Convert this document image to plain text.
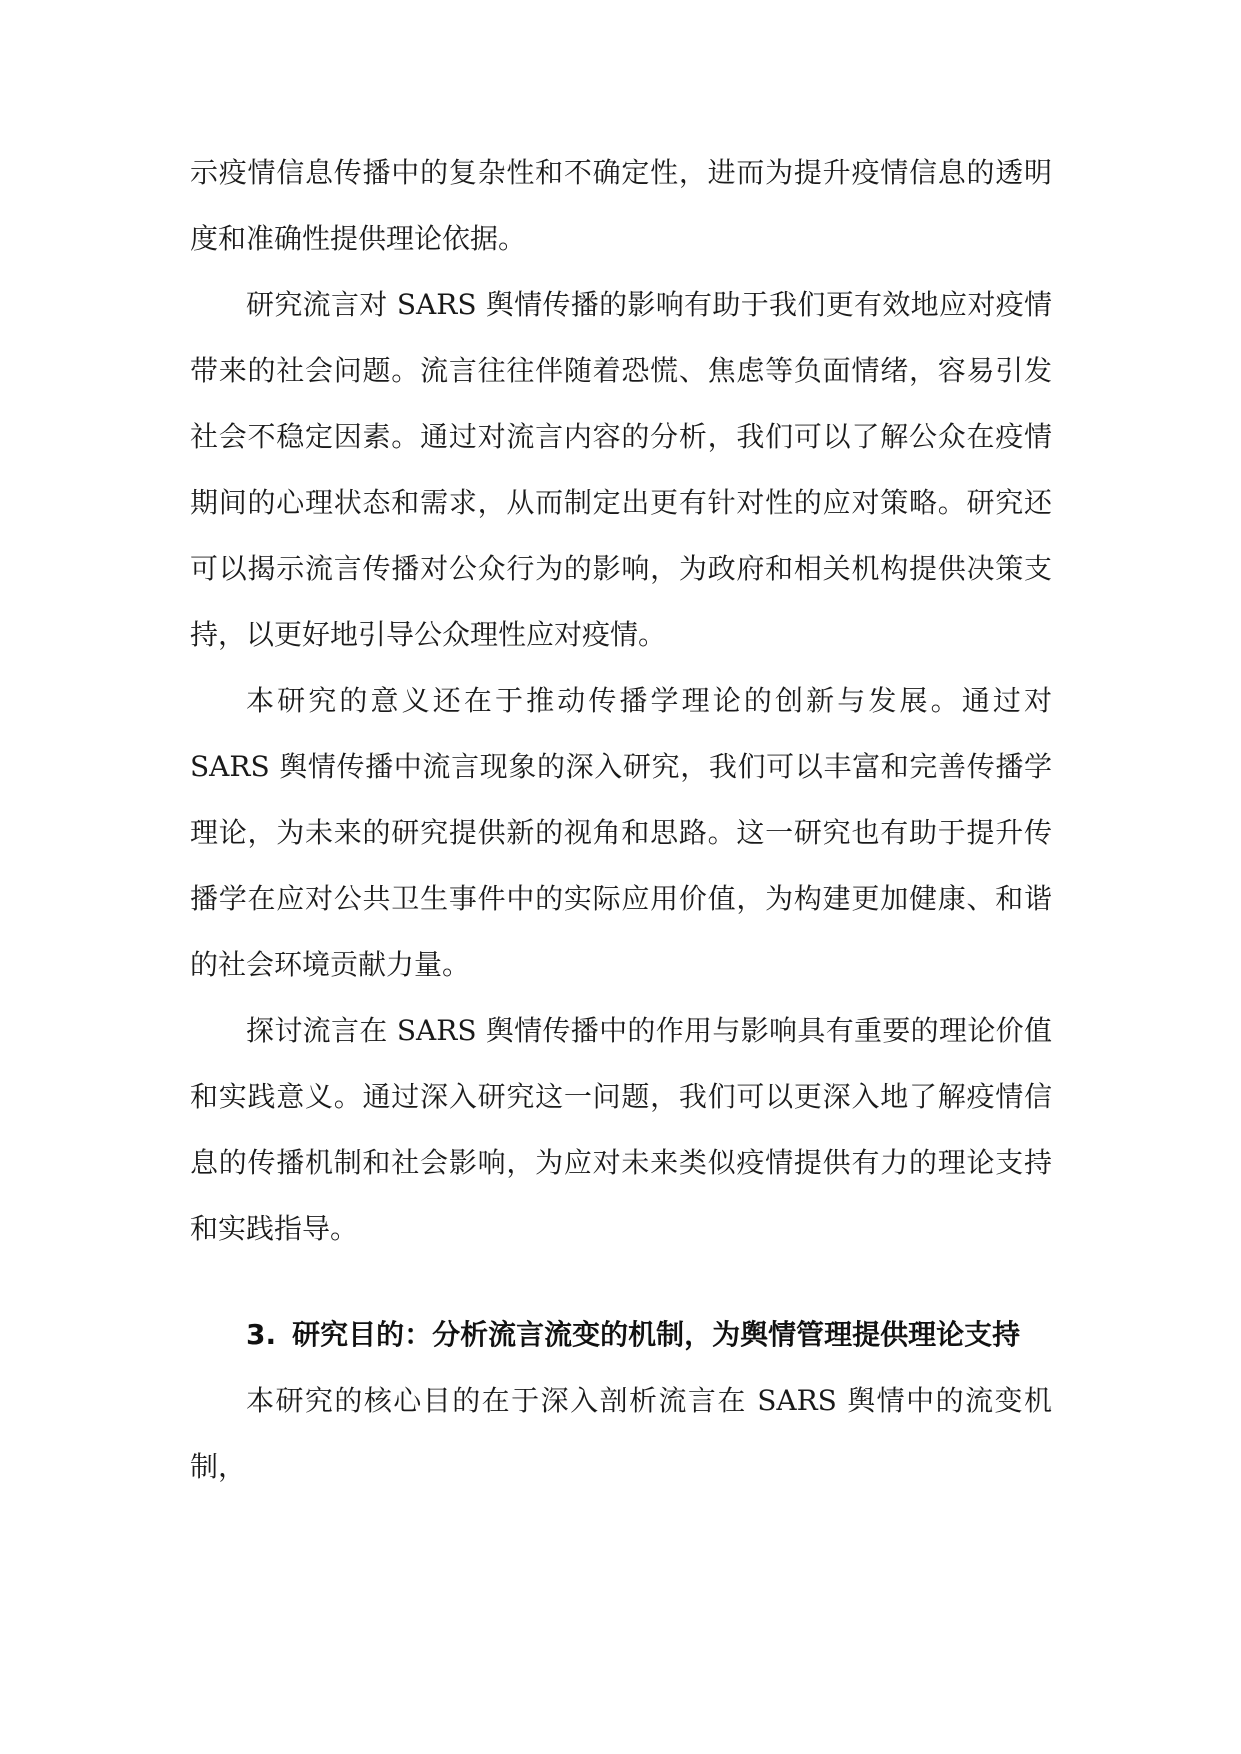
示疫情信息传播中的复杂性和不确定性，进而为提升疫情信息的透明度和准确性提供理论依据。

研究流言对 SARS 舆情传播的影响有助于我们更有效地应对疫情带来的社会问题。流言往往伴随着恐慌、焦虑等负面情绪，容易引发社会不稳定因素。通过对流言内容的分析，我们可以了解公众在疫情期间的心理状态和需求，从而制定出更有针对性的应对策略。研究还可以揭示流言传播对公众行为的影响，为政府和相关机构提供决策支持，以更好地引导公众理性应对疫情。

本研究的意义还在于推动传播学理论的创新与发展。通过对 SARS 舆情传播中流言现象的深入研究，我们可以丰富和完善传播学理论，为未来的研究提供新的视角和思路。这一研究也有助于提升传播学在应对公共卫生事件中的实际应用价值，为构建更加健康、和谐的社会环境贡献力量。

探讨流言在 SARS 舆情传播中的作用与影响具有重要的理论价值和实践意义。通过深入研究这一问题，我们可以更深入地了解疫情信息的传播机制和社会影响，为应对未来类似疫情提供有力的理论支持和实践指导。

3. 研究目的：分析流言流变的机制，为舆情管理提供理论支持

本研究的核心目的在于深入剖析流言在 SARS 舆情中的流变机制，
